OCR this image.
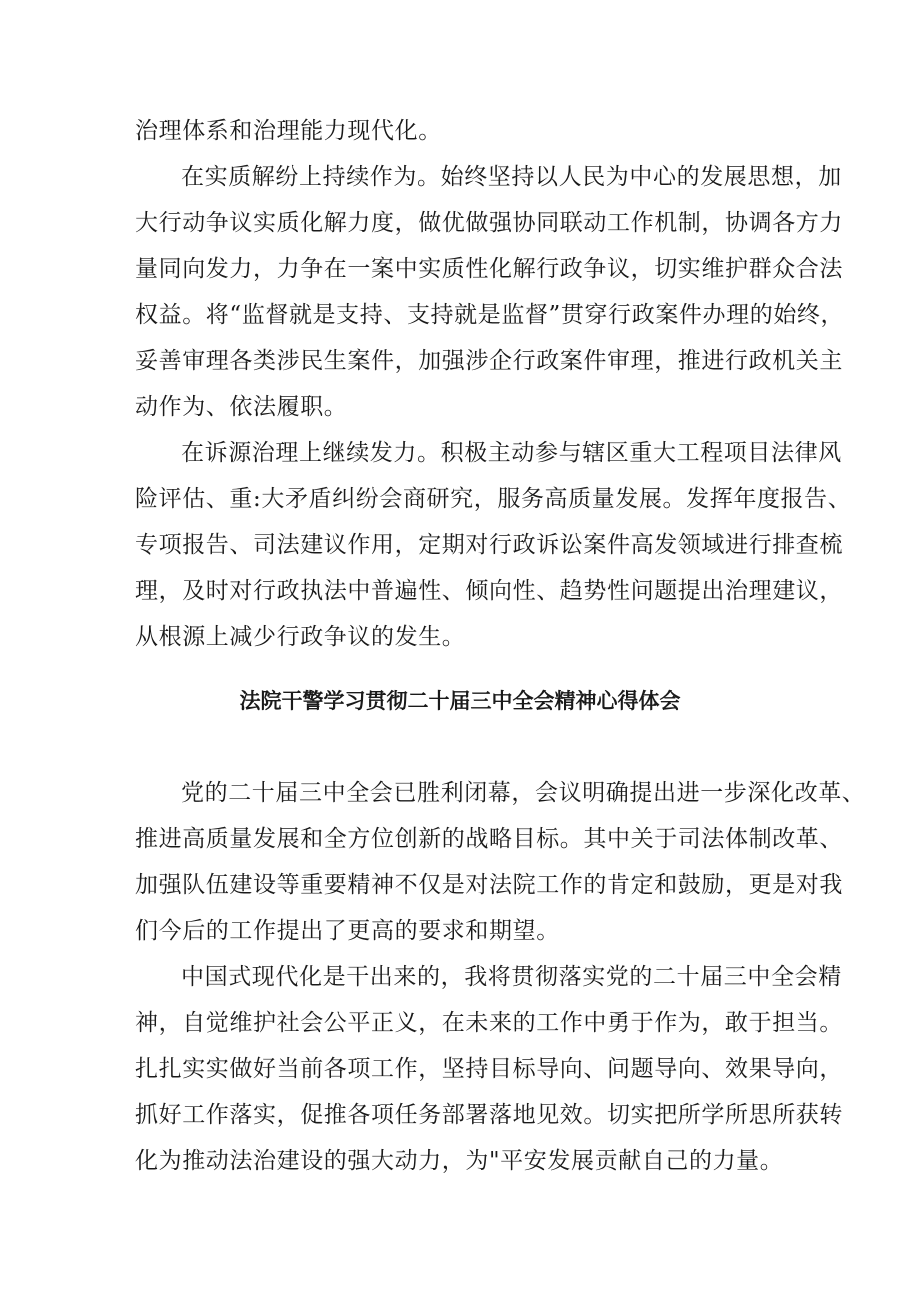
治理体系和治理能力现代化。
在实质解纷上持续作为。始终坚持以人民为中心的发展思想，加
大行动争议实质化解力度，做优做强协同联动工作机制，协调各方力
量同向发力，力争在一案中实质性化解行政争议，切实维护群众合法
权益。将“监督就是支持、支持就是监督”贯穿行政案件办理的始终，
妥善审理各类涉民生案件，加强涉企行政案件审理，推进行政机关主
动作为、依法履职。
在诉源治理上继续发力。积极主动参与辖区重大工程项目法律风
险评估、重:大矛盾纠纷会商研究，服务高质量发展。发挥年度报告、
专项报告、司法建议作用，定期对行政诉讼案件高发领域进行排查梳
理，及时对行政执法中普遍性、倾向性、趋势性问题提出治理建议，
从根源上减少行政争议的发生。
法院干警学习贯彻二十届三中全会精神心得体会
党的二十届三中全会已胜利闭幕，会议明确提出进一步深化改革、
推进高质量发展和全方位创新的战略目标。其中关于司法体制改革、
加强队伍建设等重要精神不仅是对法院工作的肯定和鼓励，更是对我
们今后的工作提出了更高的要求和期望。
中国式现代化是干出来的，我将贯彻落实党的二十届三中全会精
神，自觉维护社会公平正义，在未来的工作中勇于作为，敢于担当。
扎扎实实做好当前各项工作，坚持目标导向、问题导向、效果导向，
抓好工作落实，促推各项任务部署落地见效。切实把所学所思所获转
化为推动法治建设的强大动力，为"平安发展贡献自己的力量。
